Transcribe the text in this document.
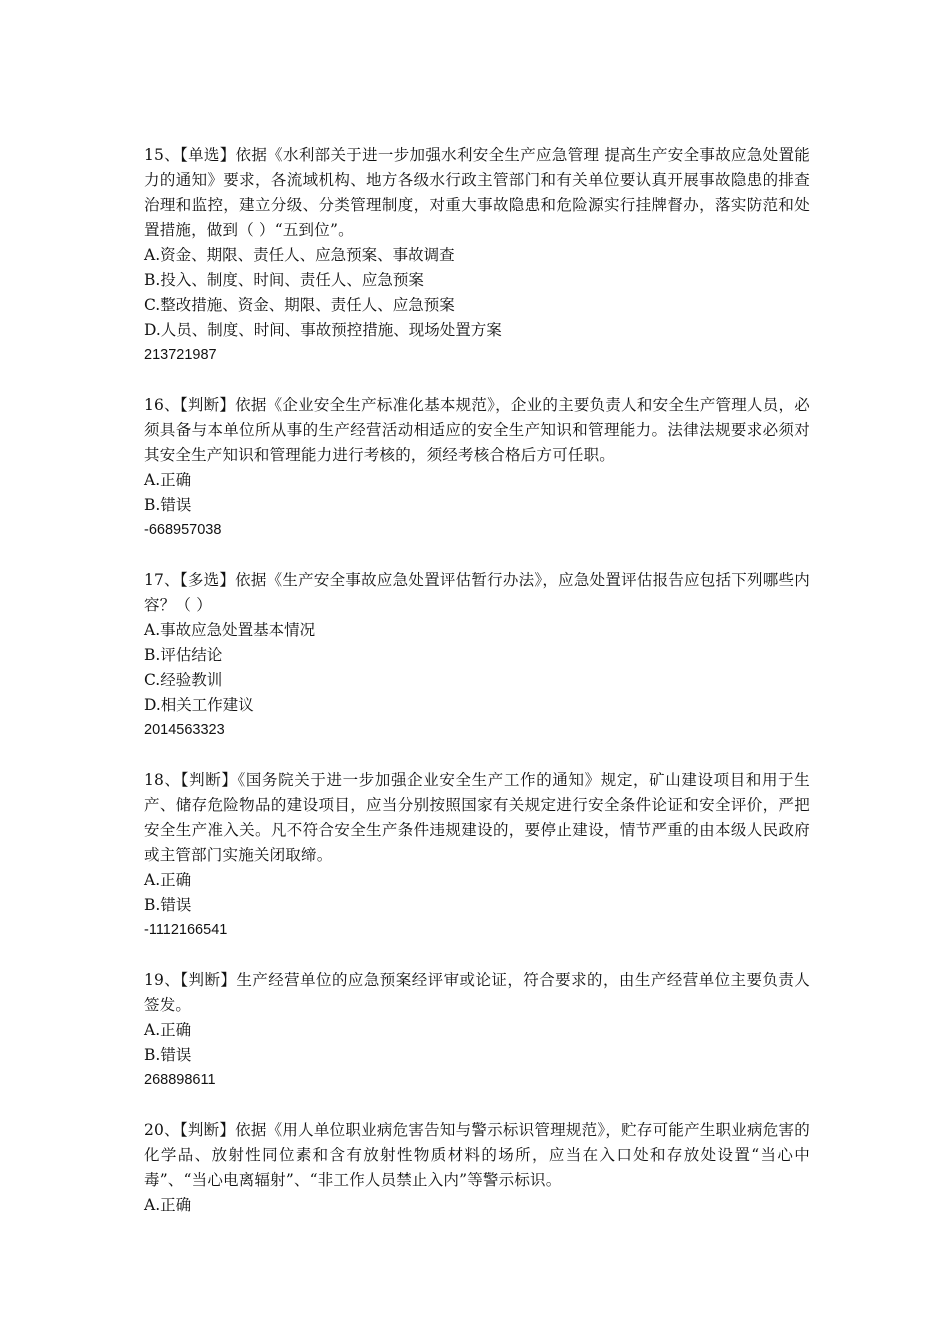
15、【单选】依据《水利部关于进一步加强水利安全生产应急管理 提高生产安全事故应急处置能力的通知》要求，各流域机构、地方各级水行政主管部门和有关单位要认真开展事故隐患的排查治理和监控，建立分级、分类管理制度，对重大事故隐患和危险源实行挂牌督办，落实防范和处置措施，做到（ ）“五到位”。

A.资金、期限、责任人、应急预案、事故调查

B.投入、制度、时间、责任人、应急预案

C.整改措施、资金、期限、责任人、应急预案

D.人员、制度、时间、事故预控措施、现场处置方案

213721987

16、【判断】依据《企业安全生产标准化基本规范》，企业的主要负责人和安全生产管理人员，必须具备与本单位所从事的生产经营活动相适应的安全生产知识和管理能力。法律法规要求必须对其安全生产知识和管理能力进行考核的，须经考核合格后方可任职。

A.正确

B.错误

-668957038

17、【多选】依据《生产安全事故应急处置评估暂行办法》，应急处置评估报告应包括下列哪些内容？（ ）

A.事故应急处置基本情况

B.评估结论

C.经验教训

D.相关工作建议

2014563323

18、【判断】《国务院关于进一步加强企业安全生产工作的通知》规定，矿山建设项目和用于生产、储存危险物品的建设项目，应当分别按照国家有关规定进行安全条件论证和安全评价，严把安全生产准入关。凡不符合安全生产条件违规建设的，要停止建设，情节严重的由本级人民政府或主管部门实施关闭取缔。

A.正确

B.错误

-1112166541

19、【判断】生产经营单位的应急预案经评审或论证，符合要求的，由生产经营单位主要负责人签发。

A.正确

B.错误

268898611

20、【判断】依据《用人单位职业病危害告知与警示标识管理规范》，贮存可能产生职业病危害的化学品、放射性同位素和含有放射性物质材料的场所，应当在入口处和存放处设置“当心中毒”、“当心电离辐射”、“非工作人员禁止入内”等警示标识。

A.正确
